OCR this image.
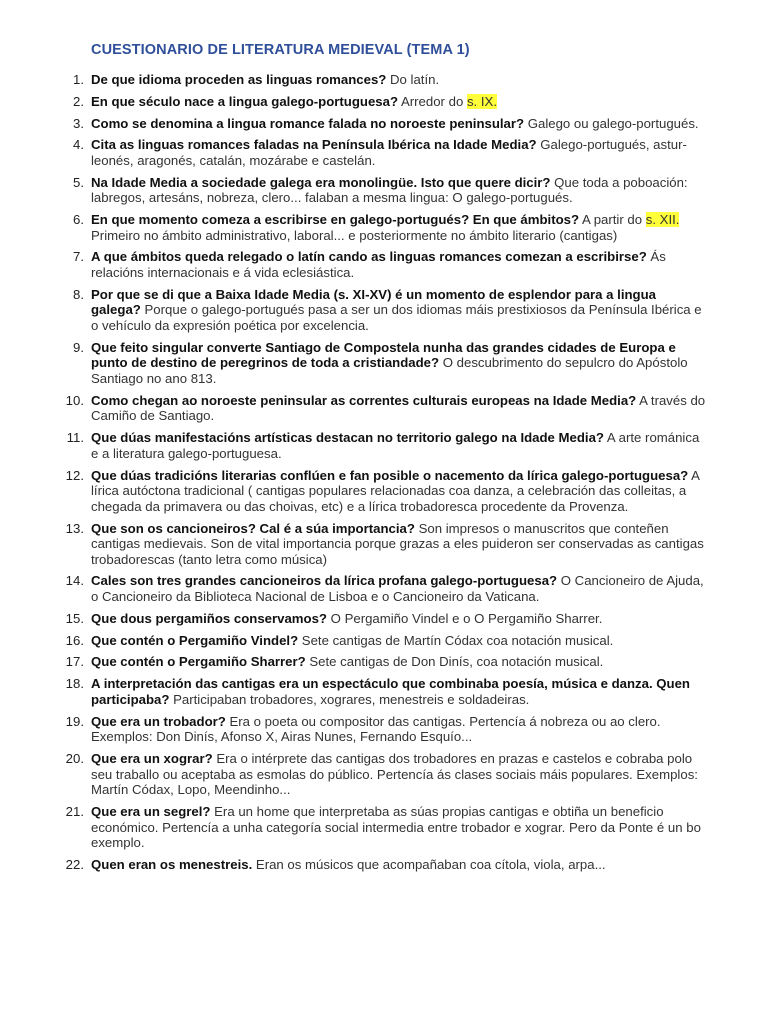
CUESTIONARIO DE LITERATURA MEDIEVAL (TEMA 1)
1. De que idioma proceden as linguas romances? Do latín.
2. En que século nace a lingua galego-portuguesa? Arredor do s. IX.
3. Como se denomina a lingua romance falada no noroeste peninsular? Galego ou galego-portugués.
4. Cita as linguas romances faladas na Península Ibérica na Idade Media? Galego-portugués, astur-leonés, aragonés, catalán, mozárabe e castelán.
5. Na Idade Media a sociedade galega era monolingüe. Isto que quere dicir? Que toda a poboación: labregos, artesáns, nobreza, clero... falaban a mesma lingua: O galego-portugués.
6. En que momento comeza a escribirse en galego-portugués? En que ámbitos? A partir do s. XII. Primeiro no ámbito administrativo, laboral... e posteriormente no ámbito literario (cantigas)
7. A que ámbitos queda relegado o latín cando as linguas romances comezan a escribirse? Ás relacións internacionais e á vida eclesiástica.
8. Por que se di que a Baixa Idade Media (s. XI-XV) é un momento de esplendor para a lingua galega? Porque o galego-portugués pasa a ser un dos idiomas máis prestixiosos da Península Ibérica e o vehículo da expresión poética por excelencia.
9. Que feito singular converte Santiago de Compostela nunha das grandes cidades de Europa e punto de destino de peregrinos de toda a cristiandade? O descubrimento do sepulcro do Apóstolo Santiago no ano 813.
10. Como chegan ao noroeste peninsular as correntes culturais europeas na Idade Media? A través do Camiño de Santiago.
11. Que dúas manifestacións artísticas destacan no territorio galego na Idade Media? A arte románica e a literatura galego-portuguesa.
12. Que dúas tradicións literarias conflúen e fan posible o nacemento da lírica galego-portuguesa? A lírica autóctona tradicional ( cantigas populares relacionadas coa danza, a celebración das colleitas, a chegada da primavera ou das choivas, etc) e a lírica trobadoresca procedente da Provenza.
13. Que son os cancioneiros? Cal é a súa importancia? Son impresos o manuscritos que conteñen cantigas medievais. Son de vital importancia porque grazas a eles puideron ser conservadas as cantigas trobadorescas (tanto letra como música)
14. Cales son tres grandes cancioneiros da lírica profana galego-portuguesa? O Cancioneiro de Ajuda, o Cancioneiro da Biblioteca Nacional de Lisboa e o Cancioneiro da Vaticana.
15. Que dous pergamiños conservamos? O Pergamiño Vindel e o O Pergamiño Sharrer.
16. Que contén o Pergamiño Vindel? Sete cantigas de Martín Códax coa notación musical.
17. Que contén o Pergamiño Sharrer? Sete cantigas de Don Dinís, coa notación musical.
18. A interpretación das cantigas era un espectáculo que combinaba poesía, música e danza. Quen participaba? Participaban trobadores, xograres, menestreis e soldadeiras.
19. Que era un trobador? Era o poeta ou compositor das cantigas. Pertencía á nobreza ou ao clero. Exemplos: Don Dinís, Afonso X, Airas Nunes, Fernando Esquío...
20. Que era un xograr? Era o intérprete das cantigas dos trobadores en prazas e castelos e cobraba polo seu traballo ou aceptaba as esmolas do público. Pertencía ás clases sociais máis populares. Exemplos: Martín Códax, Lopo, Meendinho...
21. Que era un segrel? Era un home que interpretaba as súas propias cantigas e obtiña un beneficio económico. Pertencía a unha categoría social intermedia entre trobador e xograr. Pero da Ponte é un bo exemplo.
22. Quen eran os menestreis. Eran os músicos que acompañaban coa cítola, viola, arpa...
